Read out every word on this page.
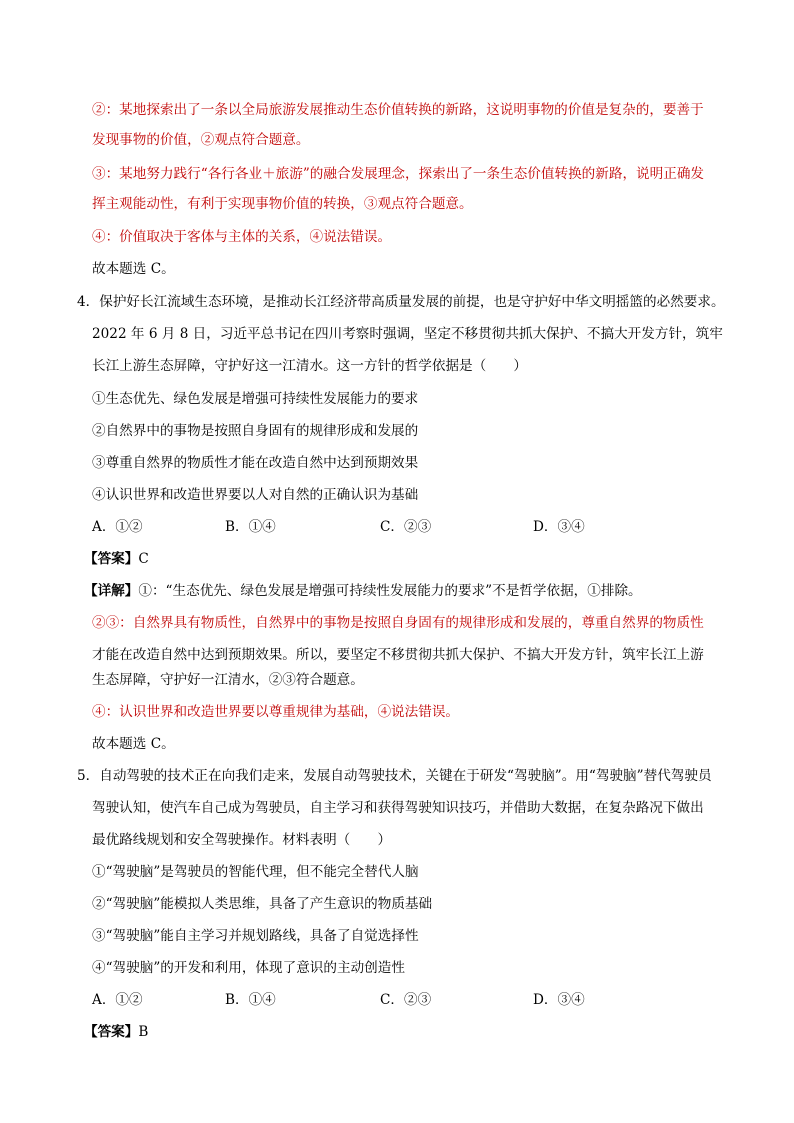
②：某地探索出了一条以全局旅游发展推动生态价值转换的新路，这说明事物的价值是复杂的，要善于
发现事物的价值，②观点符合题意。
③：某地努力践行“各行各业＋旅游”的融合发展理念，探索出了一条生态价值转换的新路，说明正确发
挥主观能动性，有利于实现事物价值的转换，③观点符合题意。
④：价值取决于客体与主体的关系，④说法错误。
故本题选 C。
4．保护好长江流域生态环境，是推动长江经济带高质量发展的前提，也是守护好中华文明摇篮的必然要求。
2022 年 6 月 8 日，习近平总书记在四川考察时强调，坚定不移贯彻共抓大保护、不搞大开发方针，筑牢
长江上游生态屏障，守护好这一江清水。这一方针的哲学依据是（　　）
①生态优先、绿色发展是增强可持续性发展能力的要求
②自然界中的事物是按照自身固有的规律形成和发展的
③尊重自然界的物质性才能在改造自然中达到预期效果
④认识世界和改造世界要以人对自然的正确认识为基础
A．①②	B．①④	C．②③	D．③④
【答案】C
【详解】①：“生态优先、绿色发展是增强可持续性发展能力的要求”不是哲学依据，①排除。
②③：自然界具有物质性，自然界中的事物是按照自身固有的规律形成和发展的，尊重自然界的物质性
才能在改造自然中达到预期效果。所以，要坚定不移贯彻共抓大保护、不搞大开发方针，筑牢长江上游
生态屏障，守护好一江清水，②③符合题意。
④：认识世界和改造世界要以尊重规律为基础，④说法错误。
故本题选 C。
5．自动驾驶的技术正在向我们走来，发展自动驾驶技术，关键在于研发“驾驶脑”。用“驾驶脑”替代驾驶员
驾驶认知，使汽车自己成为驾驶员，自主学习和获得驾驶知识技巧，并借助大数据，在复杂路况下做出
最优路线规划和安全驾驶操作。材料表明（　　）
①“驾驶脑”是驾驶员的智能代理，但不能完全替代人脑
②“驾驶脑”能模拟人类思维，具备了产生意识的物质基础
③“驾驶脑”能自主学习并规划路线，具备了自觉选择性
④“驾驶脑”的开发和利用，体现了意识的主动创造性
A．①②	B．①④	C．②③	D．③④
【答案】B
